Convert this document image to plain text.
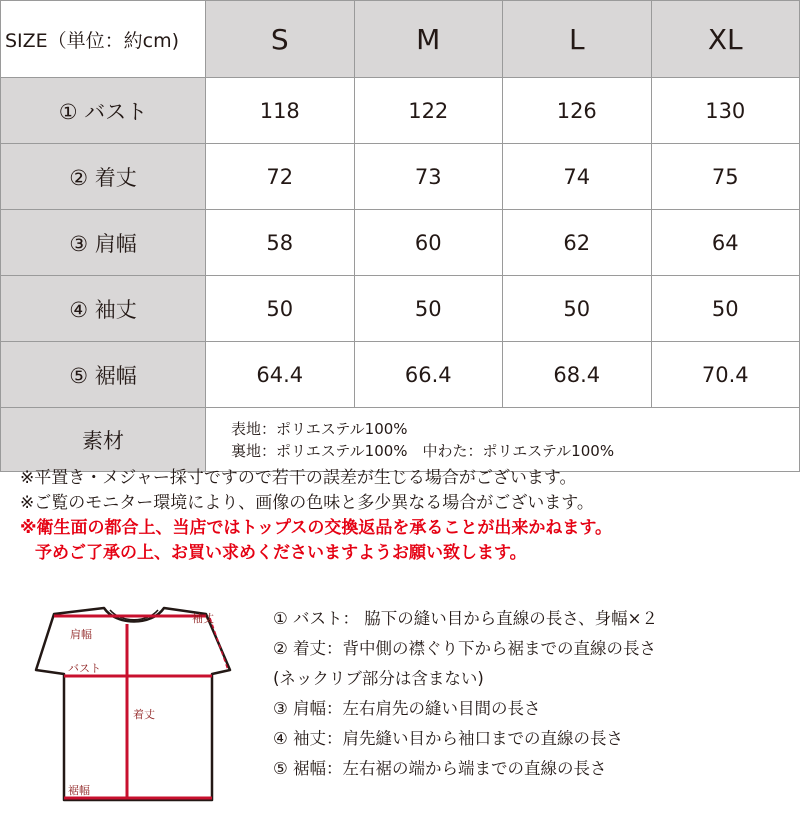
SIZE（単位：約cm)	S	M	L	XL
① バスト	118	122	126	130
② 着丈	72	73	74	75
③ 肩幅	58	60	62	64
④ 袖丈	50	50	50	50
⑤ 裾幅	64.4	66.4	68.4	70.4
素材	表地：ポリエステル100%
裏地：ポリエステル100%　中わた：ポリエステル100%			

※平置き・メジャー採寸ですので若干の誤差が生じる場合がございます。

※ご覧のモニター環境により、画像の色味と多少異なる場合がございます。

※衛生面の都合上、当店ではトップスの交換返品を承ることが出来かねます。

予めご了承の上、お買い求めくださいますようお願い致します。

肩幅
袖丈
バスト
着丈
裾幅

① バスト： 脇下の縫い目から直線の長さ、身幅×２

② 着丈：背中側の襟ぐり下から裾までの直線の長さ

(ネックリブ部分は含まない)

③ 肩幅：左右肩先の縫い目間の長さ

④ 袖丈：肩先縫い目から袖口までの直線の長さ

⑤ 裾幅：左右裾の端から端までの直線の長さ
